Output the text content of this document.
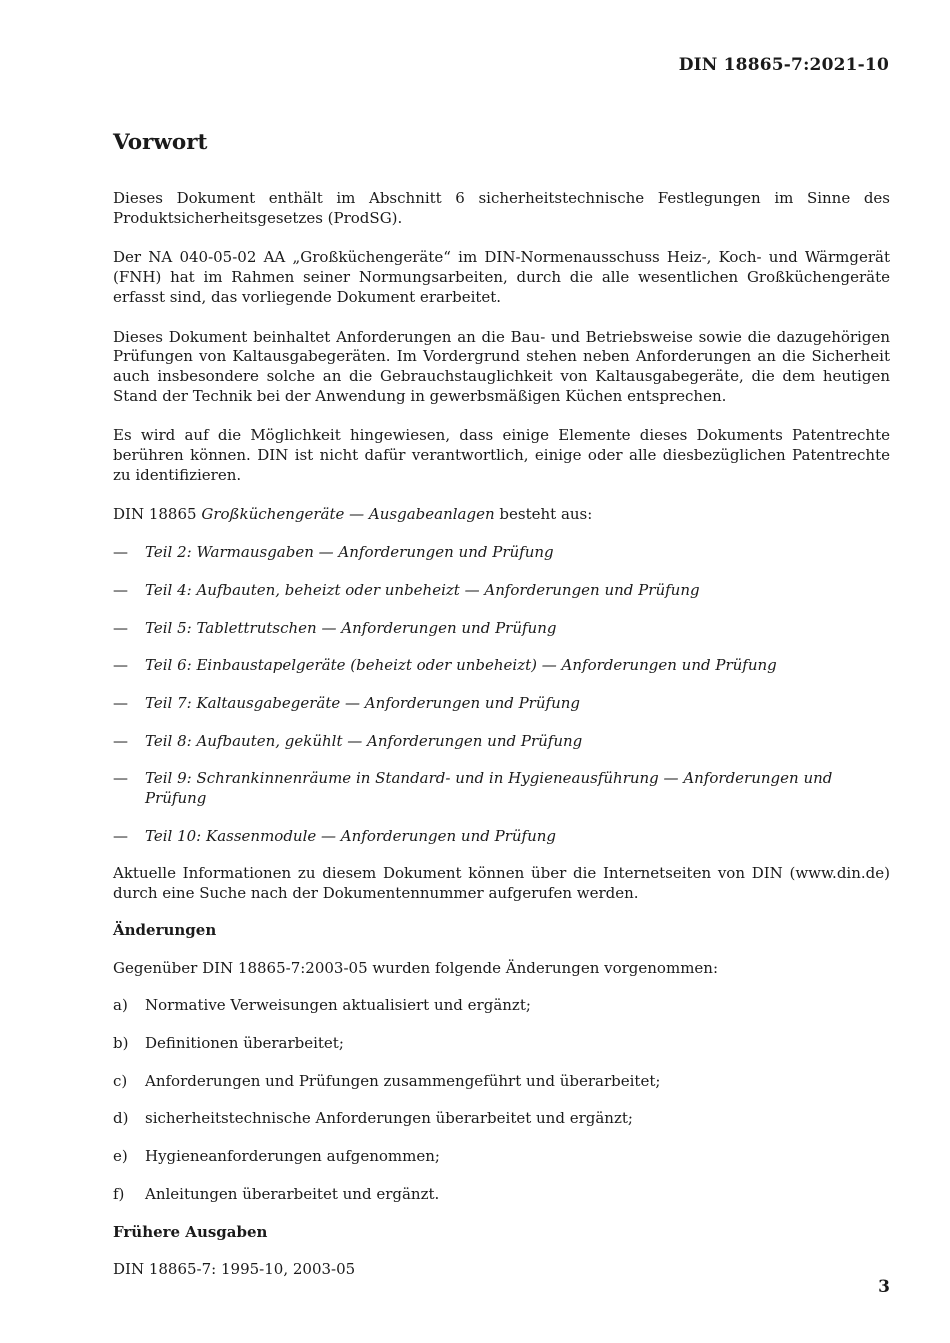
DIN 18865-7:2021-10
Vorwort

Dieses Dokument enthält im Abschnitt 6 sicherheitstechnische Festlegungen im Sinne des Produktsicherheitsgesetzes (ProdSG).

Der NA 040-05-02 AA „Großküchengeräte“ im DIN-Normenausschuss Heiz-, Koch- und Wärmgerät (FNH) hat im Rahmen seiner Normungsarbeiten, durch die alle wesentlichen Großküchengeräte erfasst sind, das vorliegende Dokument erarbeitet.

Dieses Dokument beinhaltet Anforderungen an die Bau- und Betriebsweise sowie die dazugehörigen Prüfungen von Kaltausgabegeräten. Im Vordergrund stehen neben Anforderungen an die Sicherheit auch insbesondere solche an die Gebrauchstauglichkeit von Kaltausgabegeräte, die dem heutigen Stand der Technik bei der Anwendung in gewerbsmäßigen Küchen entsprechen.

Es wird auf die Möglichkeit hingewiesen, dass einige Elemente dieses Dokuments Patentrechte berühren können. DIN ist nicht dafür verantwortlich, einige oder alle diesbezüglichen Patentrechte zu identifizieren.

DIN 18865 Großküchengeräte — Ausgabeanlagen besteht aus:

—	Teil 2: Warmausgaben — Anforderungen und Prüfung
—	Teil 4: Aufbauten, beheizt oder unbeheizt — Anforderungen und Prüfung
—	Teil 5: Tablettrutschen — Anforderungen und Prüfung
—	Teil 6: Einbaustapelgeräte (beheizt oder unbeheizt) — Anforderungen und Prüfung
—	Teil 7: Kaltausgabegeräte — Anforderungen und Prüfung
—	Teil 8: Aufbauten, gekühlt — Anforderungen und Prüfung
—	Teil 9: Schrankinnenräume in Standard- und in Hygieneausführung — Anforderungen und Prüfung
—	Teil 10: Kassenmodule — Anforderungen und Prüfung

Aktuelle Informationen zu diesem Dokument können über die Internetseiten von DIN (www.din.de) durch eine Suche nach der Dokumentennummer aufgerufen werden.

Änderungen

Gegenüber DIN 18865-7:2003-05 wurden folgende Änderungen vorgenommen:

a)	Normative Verweisungen aktualisiert und ergänzt;
b)	Definitionen überarbeitet;
c)	Anforderungen und Prüfungen zusammengeführt und überarbeitet;
d)	sicherheitstechnische Anforderungen überarbeitet und ergänzt;
e)	Hygieneanforderungen aufgenommen;
f)	Anleitungen überarbeitet und ergänzt.
Frühere Ausgaben

DIN 18865-7: 1995-10, 2003-05

3
